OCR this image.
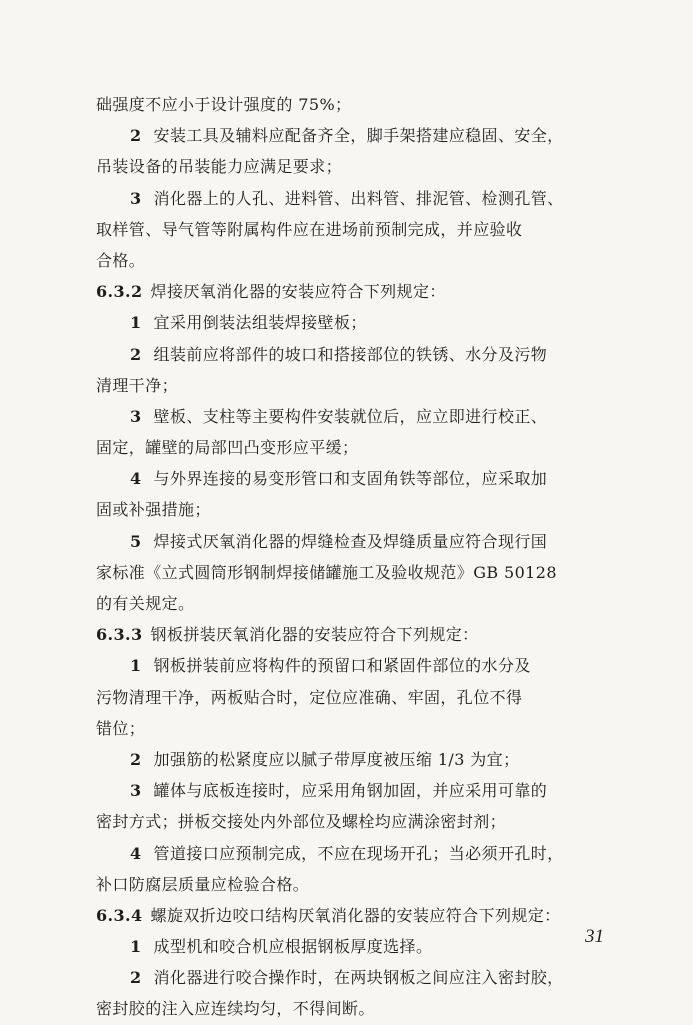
础强度不应小于设计强度的 75%；
2 安装工具及辅料应配备齐全，脚手架搭建应稳固、安全，
吊装设备的吊装能力应满足要求；
3 消化器上的人孔、进料管、出料管、排泥管、检测孔管、
取样管、导气管等附属构件应在进场前预制完成，并应验收
合格。
6.3.2 焊接厌氧消化器的安装应符合下列规定：
1 宜采用倒装法组装焊接壁板；
2 组装前应将部件的坡口和搭接部位的铁锈、水分及污物
清理干净；
3 壁板、支柱等主要构件安装就位后，应立即进行校正、
固定，罐壁的局部凹凸变形应平缓；
4 与外界连接的易变形管口和支固角铁等部位，应采取加
固或补强措施；
5 焊接式厌氧消化器的焊缝检查及焊缝质量应符合现行国
家标准《立式圆筒形钢制焊接储罐施工及验收规范》GB 50128
的有关规定。
6.3.3 钢板拼装厌氧消化器的安装应符合下列规定：
1 钢板拼装前应将构件的预留口和紧固件部位的水分及
污物清理干净，两板贴合时，定位应准确、牢固，孔位不得
错位；
2 加强筋的松紧度应以腻子带厚度被压缩 1/3 为宜；
3 罐体与底板连接时，应采用角钢加固，并应采用可靠的
密封方式；拼板交接处内外部位及螺栓均应满涂密封剂；
4 管道接口应预制完成，不应在现场开孔；当必须开孔时，
补口防腐层质量应检验合格。
6.3.4 螺旋双折边咬口结构厌氧消化器的安装应符合下列规定：
1 成型机和咬合机应根据钢板厚度选择。
2 消化器进行咬合操作时，在两块钢板之间应注入密封胶，
密封胶的注入应连续均匀，不得间断。
31
